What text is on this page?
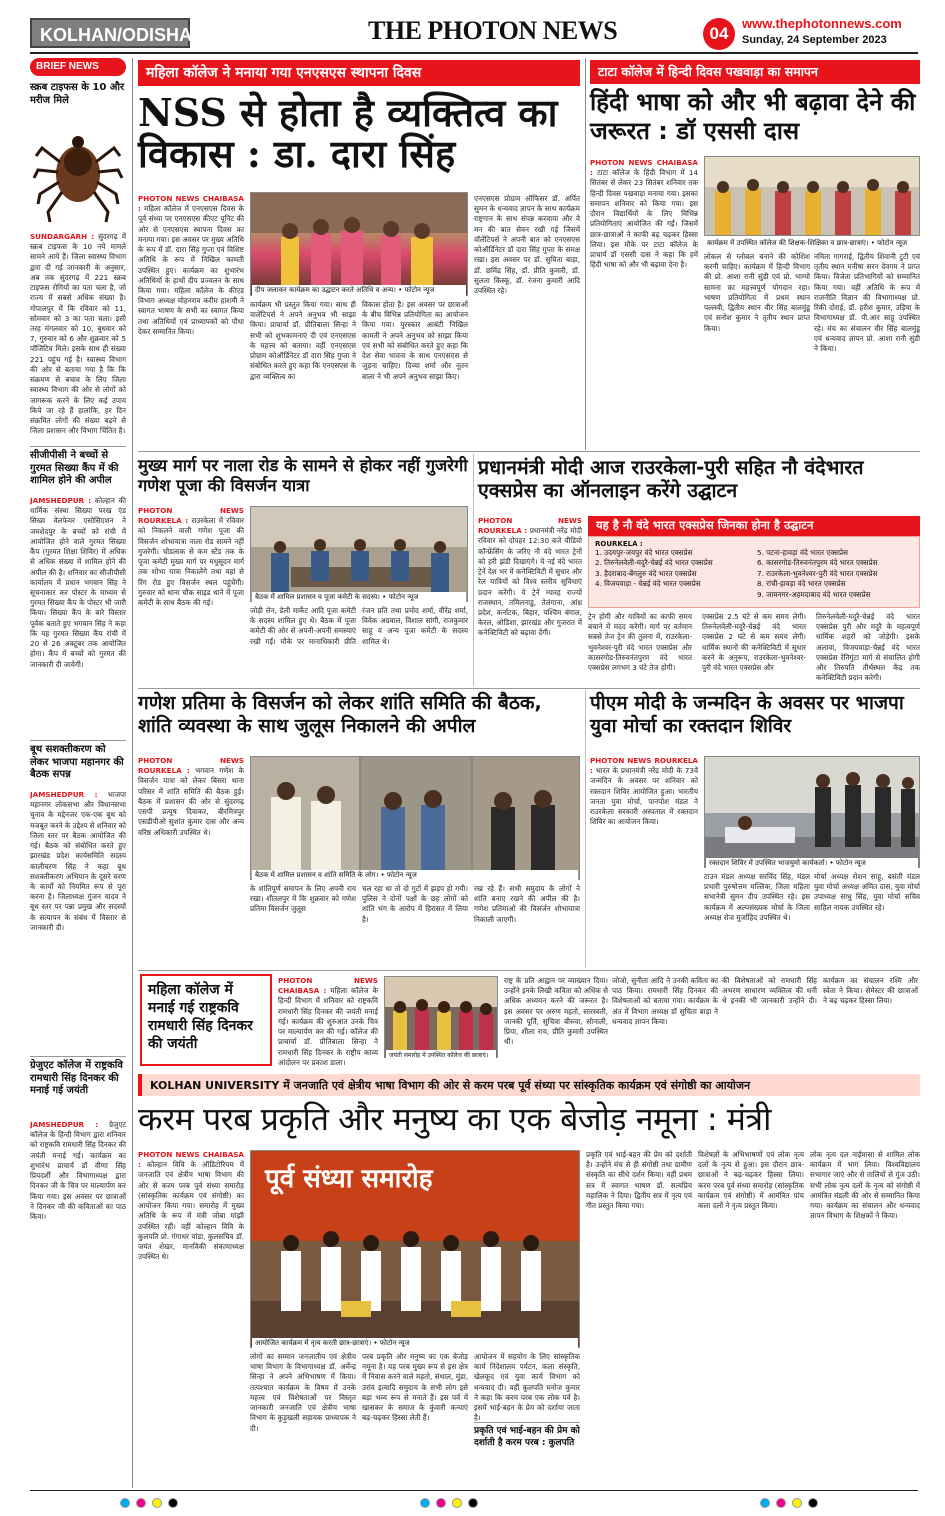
KOLHAN/ODISHA	THE PHOTON NEWS	04
www.thephotonnews.com
Sunday, 24 September 2023
BRIEF NEWS
स्क्रब टाइफस के 10 और मरीज मिले
SUNDARGARH : सुंदरगढ़ में स्क्रब टाइफस के 10 नये मामले सामने आये हैं। जिला स्वास्थ्य विभाग द्वारा दी गई जानकारी के अनुसार, अब तक सुंदरगढ़ में 221 स्क्रब टाइफस रोगियों का पता चला है, जो राज्य में सबसे अधिक संख्या है। गोपालपुर में कि रविवार को 11, सोमवार को 3 का पता चला। इसी तरह मंगलवार को 10, बुधवार को 7, गुरुवार को 6 और शुक्रवार को 5 पॉजिटिव मिले। इसके साथ ही संख्या 221 पहुंच गई है। स्वास्थ्य विभाग की ओर से बताया गया है कि कि संक्रमण से बचाव के लिए जिला स्वास्थ्य विभाग की ओर से लोगों को जागरूक करने के लिए कई उपाय किये जा रहे हैं हालांकि, हर दिन संक्रमित लोगों की संख्या बढ़ने से जिला प्रशासन और विभाग चिंतित है।
सीजीपीसी ने बच्चों से गुरमत सिख्या कैंप में की शामिल होने की अपील
JAMSHEDPUR : कोल्हान की धार्मिक संस्था सिख्या परख एंड सिख्य वेलफेयर एसोसिएशन ने जमशेदपुर के बच्चों को रांची में आयोजित होने वाले गुरमत सिख्या कैंप (गुरमत शिक्षा शिविर) में अधिक से अधिक संख्या में शामिल होने की अपील की है। शनिवार का सीजीपीसी कार्यालय में प्रधान भगवान सिंह ने सूचनाकार कर पोस्टर के माध्यम से गुरमत सिख्या कैंप के पोस्टर भी जारी किया। सिख्या कैंप के बारे विस्तार पूर्वक बताते हुए भगवान सिंह ने कहा कि यह गुरमत सिख्या कैंप रांची में 20 से 26 अक्टूबर तक आयोजित होगा। कैंप में बच्चों को गुरमत की जानकारी दी जायेगी।
बूथ सशक्तीकरण को लेकर भाजपा महानगर की बैठक सपन्न
JAMSHEDPUR : भाजपा महानगर लोकसभा और विधानसभा चुनाव के मद्देनजर एक-एक बूथ को मजबूत करने के उद्देश्य से शनिवार को जिला स्तर पर बैठक आयोजित की गई। बैठक को संबोधित करते हुए झारखंड प्रदेश कार्यसमिति सदस्य कालीचरण सिंह ने कहा बूथ सशक्तीकरण अभियान के दूसरे चरण के कार्यों को नियमित रूप से पूरा करना है। जिलाध्यक्ष गुंजन यादव ने बूथ स्तर पर पन्ना प्रमुख और सदस्यों के सत्यापन के संबंध में विस्तार से जानकारी दी।
ग्रेजुएट कॉलेज में राष्ट्रकवि रामधारी सिंह दिनकर की मनाई गई जयंती
JAMSHEDPUR : ग्रेजुएट कॉलेज के हिन्दी विभाग द्वारा शनिवार को राष्ट्रकवि रामधारी सिंह दिनकर की जयंती मनाई गई। कार्यक्रम का शुभारंभ प्राचार्य डॉ वीणा सिंह प्रियदर्शी और विभागाध्यक्ष द्वारा दिनकर जी के चित्र पर माल्यार्पण कर किया गया। इस अवसर पर छात्राओं ने दिनकर जी की कविताओं का पाठ किया।
महिला कॉलेज ने मनाया गया एनएसएस स्थापना दिवस
NSS से होता है व्यक्तित्व का विकास : डा. दारा सिंह
PHOTON NEWS CHAIBASA : महिला कॉलेज में एनएसएस दिवस के पूर्व संध्या पर एनएसएस कीएट यूनिट की ओर से एनएसएस स्थापना दिवस का मनाया गया। इस अवसर पर मुख्य अतिथि के रूप में डॉ. दारा सिंह गुप्ता एवं विशिष्ट अतिथि के रूप में निखिल कामती उपस्थित हुए। कार्यक्रम का शुभारंभ अतिथियों के हाथों दीप प्रज्वलन के साथ किया गया। महिला कॉलेज के कीएड विभाग अध्यक्ष मोहनराव करीम हाशमी ने स्वागत भाषण के सभी का स्वागत किया तथा अतिथियों एवं प्राध्यापकों को पौधा देकर सम्मानित किया।
दीप जलाकर कार्यक्रम का उद्घाटन करते अतिथि व अन्य। • फोटोन न्यूज
कार्यक्रम भी प्रस्तुत किया गया। साथ ही वालेंटियर्स ने अपने अनुभव भी साझा किया। प्राचार्या डॉ. प्रीतिबाला सिन्हा ने सभी को शुभकामनाएं दी एवं एनएसएस के महत्त्व को बताया। वहीं एनएसएस प्रोग्राम कोऑर्डिनेटर डॉ दारा सिंह गुप्ता ने संबोधित करते हुए कहा कि एनएसएस के द्वारा व्यक्तित्व का
विकास होता है। इस अवसर पर छात्राओं के बीच विभिन्न प्रतियोगिता का आयोजन किया गया। पुरस्कार आबंटी निखिल कामती ने अपने अनुभव को साझा किया एवं सभी को संबोधित करते हुए कहा कि देश सेवा भावना के साथ एनएसएस से जुड़ना चाहिए। दिव्या शर्मा और नूतन बाला ने भी अपने अनुभव साझा किए।
एनएसएस प्रोग्राम ऑफिसर डॉ. अर्पित सुमन के धन्यवाद ज्ञापन के साथ कार्यक्रम राष्ट्रगान के साथ संपन्न करवाया और वे मन की बात सेवन रखी गई जिसमें वॉलेंटियर्स ने अपनी बात को एनएसएस कोऑर्डिनेटर डॉ दारा सिंह गुप्ता के समक्ष रखा। इस अवसर पर डॉ. सुचिता बाड़ा, डॉ. छमिंद्र सिंह, डॉ. प्रीति कुमारी, डॉ. सुलता किस्कू, डॉ. रंजना कुमारी आदि उपस्थित रहे।
टाटा कॉलेज में हिन्दी दिवस पखवाड़ा का समापन
हिंदी भाषा को और भी बढ़ावा देने की जरूरत : डॉ एससी दास
PHOTON NEWS CHAIBASA : टाटा कॉलेज के हिंदी विभाग में 14 सितंबर से लेकर 23 सितंबर शनिवार तक हिन्दी दिवस पखवाड़ा मनाया गया। इसका समापन शनिवार को किया गया। इस दौरान विद्यार्थियों के लिए विभिन्न प्रतियोगिताएं आयोजित की गईं। जिसमें छात्र-छात्राओं ने काफी बढ़ चढ़कर हिस्सा लिया। इस मौके पर टाटा कॉलेज के प्राचार्य डॉ एससी दास ने कहा कि हमें हिंदी भाषा को और भी बढ़ावा देना है।
कार्यक्रम में उपस्थित कॉलेज की शिक्षक-शिक्षिका व छात्र-छात्राएं। • फोटोन न्यूज
लोकल से ग्लोबल बनाने की कोशिश करनी चाहिए। कार्यक्रम में हिन्दी विभाग की प्रो. आशा रानी सुंडी एवं प्रो. भाग्यो सामना का महत्त्वपूर्ण योगदान रहा। भाषण प्रतियोगिता में प्रथम स्थान पल्लवी, द्वितीय स्थान वीर सिंह बालमुंडू एवं सनोश कुमार ने तृतीय स्थान प्राप्त किया।
नमिता गागराई, द्वितीय शिवानी टुटी एवं तृतीय स्थान मनीषा सरन देवगम ने प्राप्त किया। विजेता प्रतिभागियों को सम्मानित किया गया। वहीं अतिथि के रूप में राजनीति विज्ञान की विभागाध्यक्ष प्रो. रिंकी दोराई, डॉ. हरीश कुमार, उड़िया के विभागाध्यक्ष डॉ. पी.आर साहू उपस्थित रहे। मंच का संचालन वीर सिंह बालमुंडू एवं धन्यवाद ज्ञापन प्रो. आशा रानी सुंडी ने किया।
मुख्य मार्ग पर नाला रोड के सामने से होकर नहीं गुजरेगी गणेश पूजा की विसर्जन यात्रा
PHOTON NEWS ROURKELA : राउरकेला में रविवार को निकलने वाली गणेश पूजा की विसर्जन शोभायात्रा नाला रोड सामने नहीं गुजरेगी। चोडलाक से कम स्टेंड तक के पूजा कमेटी मुख्य मार्ग पर मधुसूदन मार्ग तक शोभा यात्रा निकालेंगे तथा वहां से रिंग रोड हुए विसर्जन स्थल पहुंचेंगी। गुरुवार को थाना चौक साइड थाने में पूजा कमेटी के साथ बैठक की गई।
बैठक में शामिल प्रशासन व पूजा कमेटी के सदस्य। • फोटोन न्यूज
जोड़ी लेन, डेली मार्केट आदि पूजा कमेटी के सदस्य शामिल हुए थे। बैठक में पूजा कमेटी की ओर से अपनी-अपनी समस्याएं रखी गईं। मौके पर मानाधिकारी प्रीति रंजन प्रति तथा प्रमोद शर्मा, वीरेंद्र शर्मा, विवेक अग्रवाल, विशाल सांगी, राजकुमार साहू व अन्य पूजा कमेटी के सदस्य शामिल थे।
प्रधानमंत्री मोदी आज राउरकेला-पुरी सहित नौ वंदेभारत एक्सप्रेस का ऑनलाइन करेंगे उद्घाटन
PHOTON NEWS ROURKELA : प्रधानमंत्री नरेंद्र मोदी रविवार को दोपहर 12:30 बजे वीडियो कॉन्फ्रेंसिंग के जरिए नौ वंदे भारत ट्रेनों को हरी झंडी दिखाएंगे। ये नई वंदे भारत ट्रेनें देश भर में कनेक्टिविटी में सुधार और रेल यात्रियों को विश्व स्तरीय सुविधाएं प्रदान करेंगी। ये ट्रेनें ग्यारह राज्यों राजस्थान, तमिलनाडु, तेलंगाना, आंध्र प्रदेश, कर्नाटक, बिहार, पश्चिम बंगाल, केरल, ओडिशा, झारखंड और गुजरात में कनेक्टिविटी को बढ़ावा देंगी।
यह है नौ वंदे भारत एक्सप्रेस जिनका होना है उद्घाटन
ROURKELA :
1. उदयपुर-जयपुर वंदे भारत एक्सप्रेस	5. पटना-हावड़ा वंदे भारत एक्सप्रेस
2. तिरुनेलवेली-मदुरै-चेन्नई वंदे भारत एक्सप्रेस	6. कासरगोड-तिरुवनंतपुरम वंदे भारत एक्सप्रेस
3. हैदराबाद-बेंगलुरु वंदे भारत एक्सप्रेस	7. राउरकेला-भुवनेश्वर-पुरी वंदे भारत एक्सप्रेस
4. विजयवाड़ा - चेन्नई वंदे भारत एक्सप्रेस	8. रांची-हावड़ा वंदे भारत एक्सप्रेस
9. जामनगर-अहमदाबाद वंदे भारत एक्सप्रेस
ट्रेन होगी और यात्रियों का काफी समय बचाने में मदद करेगी। मार्ग पर वर्तमान सबसे तेज ट्रेन की तुलना में, राउरकेला-भुवनेश्वर-पुरी वंदे भारत एक्सप्रेस और कासरगोड-तिरुवनंतपुरम वंदे भारत एक्सप्रेस लगभग 3 घंटे तेज होगी।
एक्सप्रेस 2.5 घंटे से कम समय लेगी। तिरुनेलवेली-मदुरै-चेन्नई वंदे भारत एक्सप्रेस 2 घंटे से कम समय लेगी। धार्मिक स्थानों की कनेक्टिविटी में सुधार करने के अनुरूप, राउरकेला-भुवनेश्वर-पुरी वंदे भारत एक्सप्रेस और
तिरुनेलवेली-मदुरै-चेन्नई वंदे भारत एक्सप्रेस पुरी और मदुरै के महत्वपूर्ण धार्मिक शहरों को जोड़ेगी। इसके अलावा, विजयवाड़ा-चेन्नई वंदे भारत एक्सप्रेस रेनिगुंटा मार्ग से संचालित होगी और तिरुपति तीर्थस्थल केंद्र तक कनेक्टिविटी प्रदान करेगी।
गणेश प्रतिमा के विसर्जन को लेकर शांति समिति की बैठक, शांति व्यवस्था के साथ जुलूस निकालने की अपील
PHOTON NEWS ROURKELA : भगवान गणेश के विसर्जन यात्रा को लेकर बिसरा थाना परिसर में शांति समिति की बैठक हुई। बैठक में प्रशासन की ओर से सुंदरगढ़ एसपी प्रत्यूष दिवाकर, बीरमित्रपुर एसडीपीओ सुशांत कुमार दास और अन्य वरिष्ठ अधिकारी उपस्थित थे।
बैठक में शामिल प्रशासन व शांति समिति के लोग। • फोटोन न्यूज
के शांतिपूर्ण समापन के लिए अपनी राय रखा। शीतलपुर में कि शुक्रवार को गणेश प्रतिमा विसर्जन जुलूस
चल रहा था तो दो गुटों में झड़प हो गयी। पुलिस ने दोनों पक्षों के छह लोगों को शांति भंग के आरोप में हिरासत में लिया है।
रख रहे हैं। सभी समुदाय के लोगों ने शांति बनाए रखने की अपील की है। गणेश प्रतिमाओं की विसर्जन शोभायात्रा निकाली जाएगी।
पीएम मोदी के जन्मदिन के अवसर पर भाजपा युवा मोर्चा का रक्तदान शिविर
PHOTON NEWS ROURKELA : भारत के प्रधानमंत्री नरेंद्र मोदी के 73वें जन्मदिन के अवसर पर शनिवार को रक्तदान शिविर आयोजित हुआ। भारतीय जनता युवा मोर्चा, पानपोश मंडल ने राउरकेला सरकारी अस्पताल में रक्तदान शिविर का आयोजन किया।
रक्तदान शिविर में उपस्थित भाजयुमो कार्यकर्ता। • फोटोन न्यूज
टाउन मंडल अध्यक्ष सरविंद सिंह, मंडल प्रभारी पुरुषोत्तम मल्लिक, जिला महिला सभानेत्री सुमन दीप उपस्थित रहे। इस कार्यक्रम में अल्पसंख्यक मोर्चा के जिला अध्यक्ष रोज मुर्जाहिद उपस्थित थे।
मोर्चा अध्यक्ष रोशन साहू, बसंती मंडल युवा मोर्चा अध्यक्ष अमित दास, युवा मोर्चा उपाध्यक्ष साधु सिंह, युवा मोर्चा सचिव साहिल नायक उपस्थित रहे।
महिला कॉलेज में मनाई गई राष्ट्रकवि रामधारी सिंह दिनकर की जयंती
PHOTON NEWS CHAIBASA : महिला कॉलेज के हिन्दी विभाग में शनिवार को राष्ट्रकवि रामधारी सिंह दिनकर की जयंती मनाई गई। कार्यक्रम की शुरुआत उनके चित्र पर माल्यार्पण कर की गई। कॉलेज की प्राचार्या डॉ. प्रीतिबाला सिन्हा ने रामधारी सिंह दिनकर के राष्ट्रीय काव्य आंदोलन पर प्रकाश डाला।
जयंती समारोह में उपस्थित कॉलेज की छात्राएं।
राष्ट्र के प्रति आह्वान पर व्याख्यान दिया। उन्होंने इनके लिखी कविता को अधिक से अधिक अध्ययन करने की जरूरत है। इस अवसर पर अरुण महतो, सारस्वती, जानकी पूर्ति, सुचित्रा बीरुवा, सोनाली, प्रिया, शीला राय, प्रीति कुमारी उपस्थित थीं।
जोजो, सुनीता आदि ने उनकी कविता का पाठ किया। रामधारी सिंह दिनकर की विशेषताओं को बताया गया। कार्यक्रम के अंत में विभाग अध्यक्ष डॉ सुचिता बाड़ा ने धन्यवाद ज्ञापन किया।
की विशेषताओं को रामधारी सिंह अभरण साधारण व्यक्तित्व की धनी थे इनकी भी जानकारी उन्होंने दी। कार्यक्रम का संचालन रश्मि और स्वेता ने किया। सेमेस्टर की छात्राओं ने बढ़ चढ़कर हिस्सा लिया।
KOLHAN UNIVERSITY में जनजाति एवं क्षेत्रीय भाषा विभाग की ओर से करम परब पूर्व संध्या पर सांस्कृतिक कार्यक्रम एवं संगोष्ठी का आयोजन
करम परब प्रकृति और मनुष्य का एक बेजोड़ नमूना : मंत्री
PHOTON NEWS CHAIBASA : कोल्हान विवि के ऑडिटोरियम में जनजाति एवं क्षेत्रीय भाषा विभाग की ओर से करम परब पूर्व संध्या समारोह (सांस्कृतिक कार्यक्रम एवं संगोष्ठी) का आयोजन किया गया। समारोह में मुख्य अतिथि के रूप में मंत्री जोबा मांझी उपस्थित रहीं। वहीं कोल्हान विवि के कुलपति प्रो. गंगाधर पांडा, कुलसचिव डॉ. जयंत शेखर, मानविकी संकायाध्यक्ष उपस्थित थे।
पूर्व संध्या समारोह
आयोजित कार्यक्रम में नृत्य करती छात्र-छात्राएं। • फोटोन न्यूज
लोगों का सम्मान जनजातीय एवं क्षेत्रीय भाषा विभाग के विभागाध्यक्ष डॉ. अर्मेन्द्र सिन्हा ने अपने अभिभाषण में किया। तत्पश्चात कार्यक्रम के विषय में उनके महत्त्व एवं विशेषताओं पर विस्तृत जानकारी जनजाति एवं क्षेत्रीय भाषा विभाग के कुड़ुखली सहायक प्राध्यापक ने दी।
परब प्रकृति और मनुष्य का एक बेजोड़ नमूना है। यह परब मुख्य रूप से इस क्षेत्र में निवास करने वाले महतो, संथाल, मुंडा, उरांव इत्यादि समुदाय के सभी लोग इसे बड़ा भव्य रूप से मनाते हैं। इस पर्व में खासकर के समाज के कुंवारी कन्याएं बढ़-चढ़कर हिस्सा लेती हैं।
आयोजन में सहयोग के लिए सांस्कृतिक कार्य निदेशालय पर्यटन, कला संस्कृति, खेलकूद एवं युवा कार्य विभाग को धन्यवाद दी। वहीं कुलपति मनोज कुमार ने कहा कि करम परब एक लोक पर्व है। इसमें भाई-बहन के प्रेम को दर्शाया जाता है।
प्रकृति एवं भाई-बहन की प्रेम को दर्शाती है। उन्होंने मंच से ही संगोष्ठी तथा ग्रामीण संस्कृति का सीधे दर्शन किया। वहीं प्रथम सत्र में स्वागत भाषण डॉ. सत्यप्रिय महालिक ने दिया। द्वितीय सत्र में नृत्य एवं गीत प्रस्तुत किया गया।
प्रकृति एवं भाई-बहन की प्रेम को दर्शाती है करम परब : कुलपति
विशेषज्ञों के अभिभाषणों एवं लोक नृत्य दलों के नृत्य से हुआ। इस दौरान छात्र-छात्राओं ने बढ़-चढ़कर हिस्सा लिया। करम परब पूर्व संध्या समारोह (सांस्कृतिक कार्यक्रम एवं संगोष्ठी) में आमंत्रित पांच कला दलों ने नृत्य प्रस्तुत किया।
लोक नृत्य दल नाईमासा से शामिल लोक कार्यक्रम में भाग लिया। विश्वविद्यालय सभागार जाएं और से तालियों से गूंज उठी। सभी लोक नृत्य दलों के नृत्य को संगोष्ठी में आमंत्रित मंडली की ओर से सम्मानित किया गया। कार्यक्रम का संचालन और धन्यवाद ज्ञापन विभाग के शिक्षकों ने किया।
